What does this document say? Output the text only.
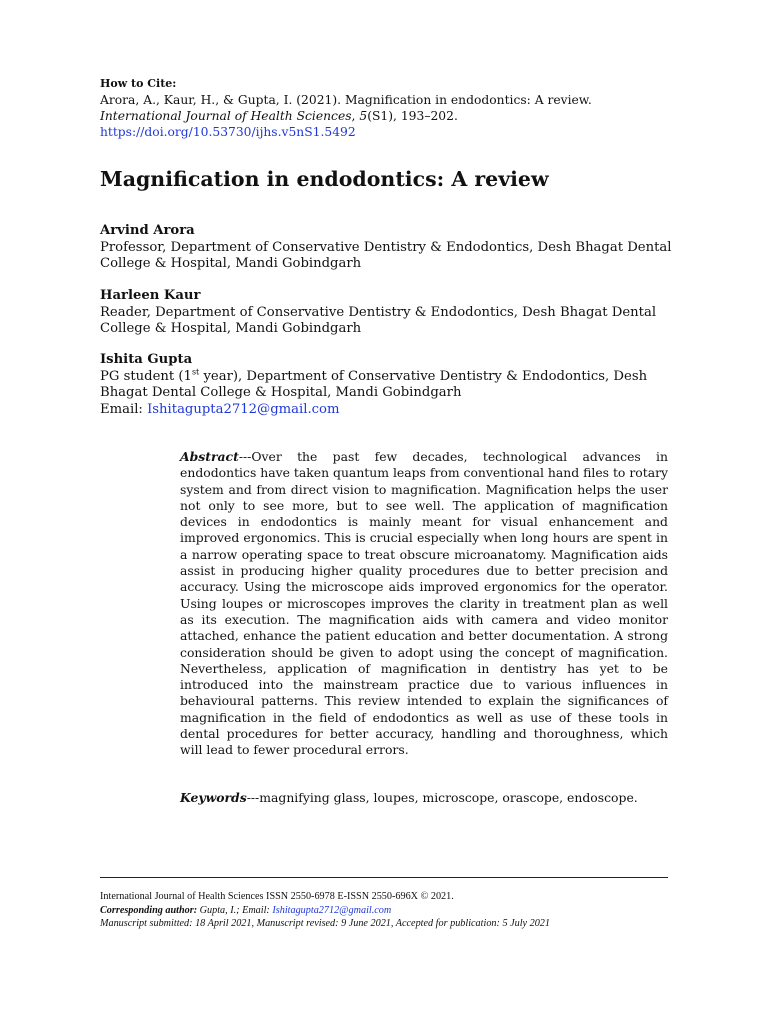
How to Cite:
Arora, A., Kaur, H., & Gupta, I. (2021). Magnification in endodontics: A review. International Journal of Health Sciences, 5(S1), 193–202.
https://doi.org/10.53730/ijhs.v5nS1.5492
Magnification in endodontics: A review
Arvind Arora
Professor, Department of Conservative Dentistry & Endodontics, Desh Bhagat Dental College & Hospital, Mandi Gobindgarh
Harleen Kaur
Reader, Department of Conservative Dentistry & Endodontics, Desh Bhagat Dental College & Hospital, Mandi Gobindgarh
Ishita Gupta
PG student (1st year), Department of Conservative Dentistry & Endodontics, Desh Bhagat Dental College & Hospital, Mandi Gobindgarh
Email: Ishitagupta2712@gmail.com

Abstract---Over the past few decades, technological advances in endodontics have taken quantum leaps from conventional hand files to rotary system and from direct vision to magnification. Magnification helps the user not only to see more, but to see well. The application of magnification devices in endodontics is mainly meant for visual enhancement and improved ergonomics. This is crucial especially when long hours are spent in a narrow operating space to treat obscure microanatomy. Magnification aids assist in producing higher quality procedures due to better precision and accuracy. Using the microscope aids improved ergonomics for the operator. Using loupes or microscopes improves the clarity in treatment plan as well as its execution. The magnification aids with camera and video monitor attached, enhance the patient education and better documentation. A strong consideration should be given to adopt using the concept of magnification. Nevertheless, application of magnification in dentistry has yet to be introduced into the mainstream practice due to various influences in behavioural patterns. This review intended to explain the significances of magnification in the field of endodontics as well as use of these tools in dental procedures for better accuracy, handling and thoroughness, which will lead to fewer procedural errors.

Keywords---magnifying glass, loupes, microscope, orascope, endoscope.

International Journal of Health Sciences ISSN 2550-6978 E-ISSN 2550-696X © 2021.
Corresponding author: Gupta, I.; Email: Ishitagupta2712@gmail.com
Manuscript submitted: 18 April 2021, Manuscript revised: 9 June 2021, Accepted for publication: 5 July 2021
